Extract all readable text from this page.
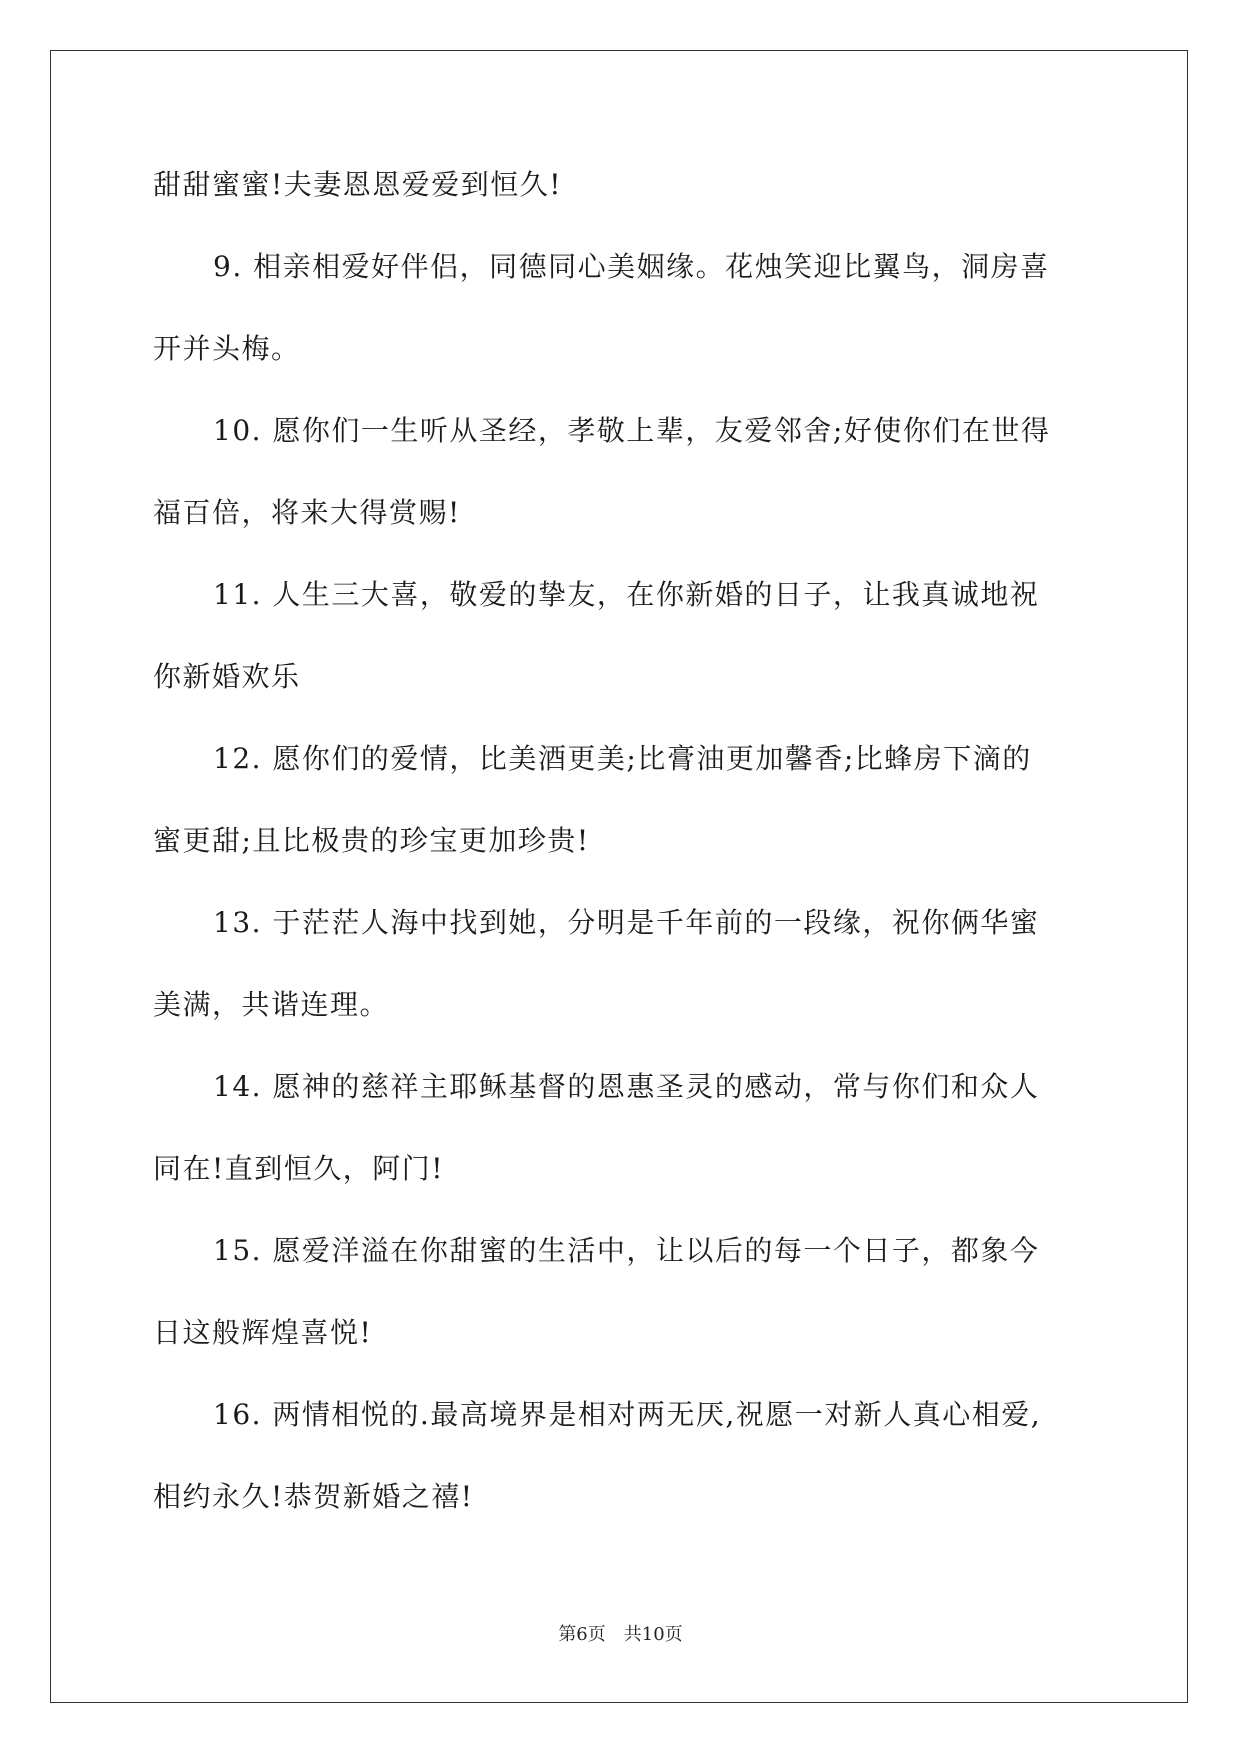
甜甜蜜蜜!夫妻恩恩爱爱到恒久!
9. 相亲相爱好伴侣，同德同心美姻缘。花烛笑迎比翼鸟，洞房喜
开并头梅。
10. 愿你们一生听从圣经，孝敬上辈，友爱邻舍;好使你们在世得
福百倍，将来大得赏赐!
11. 人生三大喜，敬爱的挚友，在你新婚的日子，让我真诚地祝
你新婚欢乐
12. 愿你们的爱情，比美酒更美;比膏油更加馨香;比蜂房下滴的
蜜更甜;且比极贵的珍宝更加珍贵!
13. 于茫茫人海中找到她，分明是千年前的一段缘，祝你俩华蜜
美满，共谐连理。
14. 愿神的慈祥主耶稣基督的恩惠圣灵的感动，常与你们和众人
同在!直到恒久，阿门!
15. 愿爱洋溢在你甜蜜的生活中，让以后的每一个日子，都象今
日这般辉煌喜悦!
16. 两情相悦的.最高境界是相对两无厌,祝愿一对新人真心相爱,
相约永久!恭贺新婚之禧!
第6页 共10页
